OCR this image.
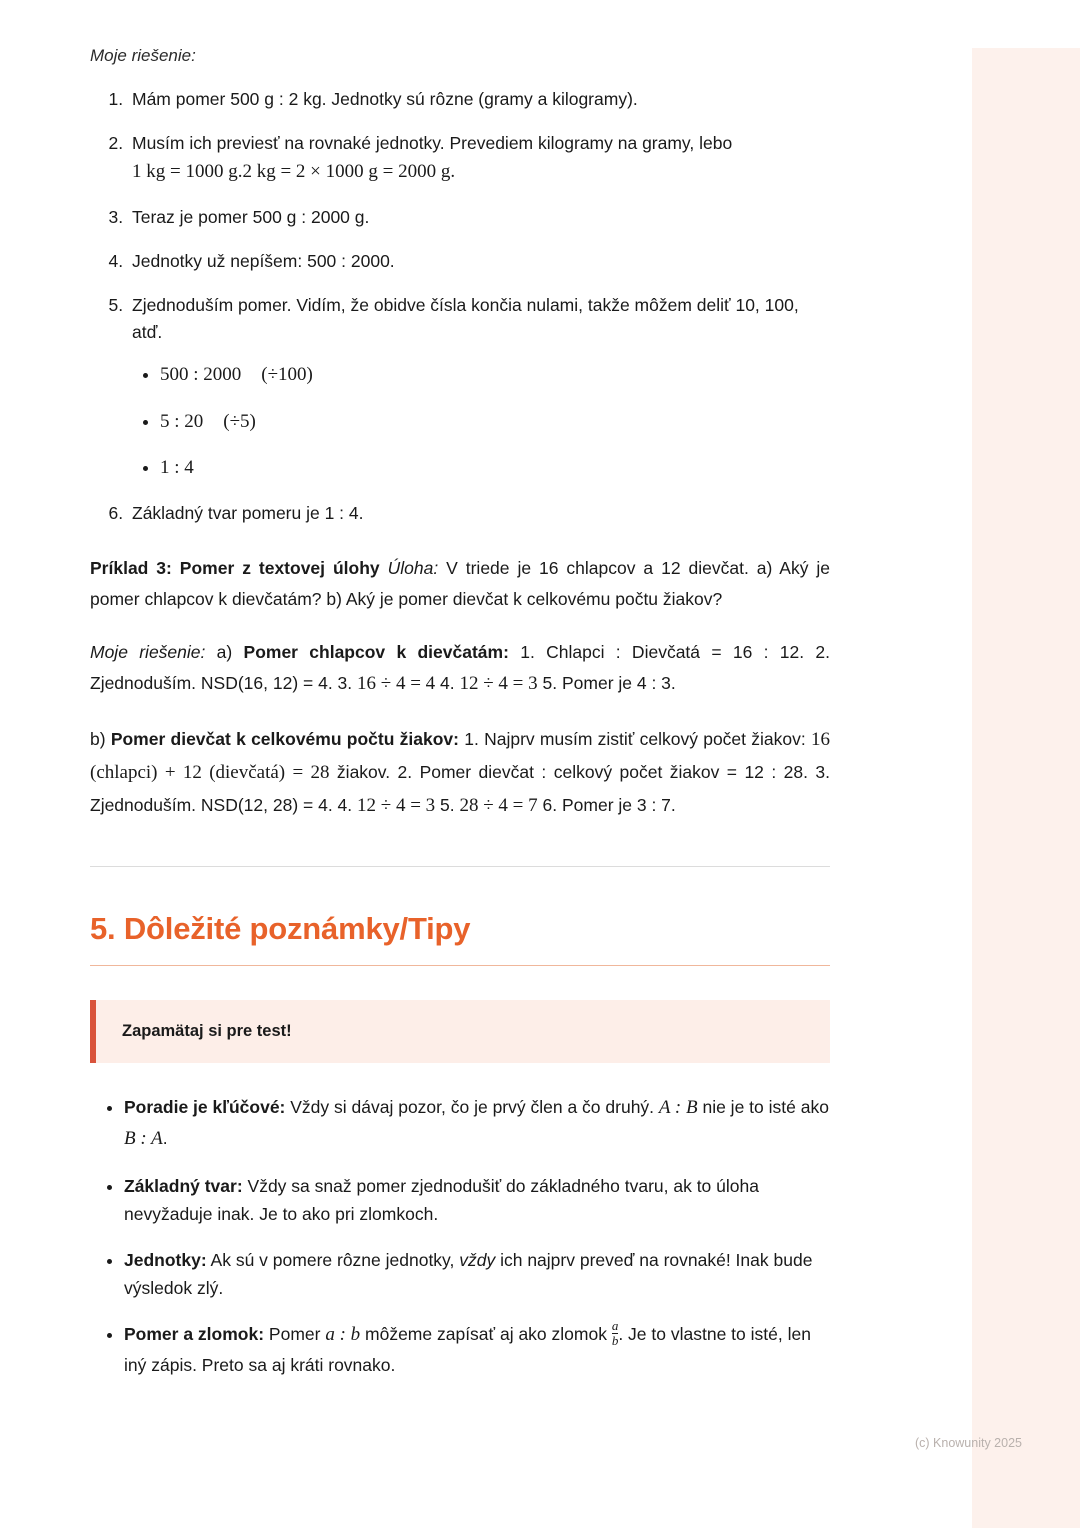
Moje riešenie:

1. Mám pomer 500 g : 2 kg. Jednotky sú rôzne (gramy a kilogramy).
2. Musím ich previesť na rovnaké jednotky. Prevediem kilogramy na gramy, lebo
1 kg = 1000 g.2 kg = 2 × 1000 g = 2000 g.
3. Teraz je pomer 500 g : 2000 g.
4. Jednotky už nepíšem: 500 : 2000.
5. Zjednoduším pomer. Vidím, že obidve čísla končia nulami, takže môžem deliť 10, 100, atď.
• 500 : 2000 (÷100)
• 5 : 20 (÷5)
• 1 : 4
6. Základný tvar pomeru je 1 : 4.

Príklad 3: Pomer z textovej úlohy Úloha: V triede je 16 chlapcov a 12 dievčat. a) Aký je pomer chlapcov k dievčatám? b) Aký je pomer dievčat k celkovému počtu žiakov?

Moje riešenie: a) Pomer chlapcov k dievčatám: 1. Chlapci : Dievčatá = 16 : 12. 2. Zjednoduším. NSD(16, 12) = 4. 3. 16 ÷ 4 = 4 4. 12 ÷ 4 = 3 5. Pomer je 4 : 3.

b) Pomer dievčat k celkovému počtu žiakov: 1. Najprv musím zistiť celkový počet žiakov: 16 (chlapci) + 12 (dievčatá) = 28 žiakov. 2. Pomer dievčat : celkový počet žiakov = 12 : 28. 3. Zjednoduším. NSD(12, 28) = 4. 4. 12 ÷ 4 = 3 5. 28 ÷ 4 = 7 6. Pomer je 3 : 7.

5. Dôležité poznámky/Tipy
Zapamätaj si pre test!
• Poradie je kľúčové: Vždy si dávaj pozor, čo je prvý člen a čo druhý. A : B nie je to isté ako B : A.
• Základný tvar: Vždy sa snaž pomer zjednodušiť do základného tvaru, ak to úloha nevyžaduje inak. Je to ako pri zlomkoch.
• Jednotky: Ak sú v pomere rôzne jednotky, vždy ich najprv preveď na rovnaké! Inak bude výsledok zlý.
• Pomer a zlomok: Pomer a : b môžeme zapísať aj ako zlomok $\frac{a}{b}$ . Je to vlastne to isté, len iný zápis. Preto sa aj kráti rovnako.
(c) Knowunity 2025
